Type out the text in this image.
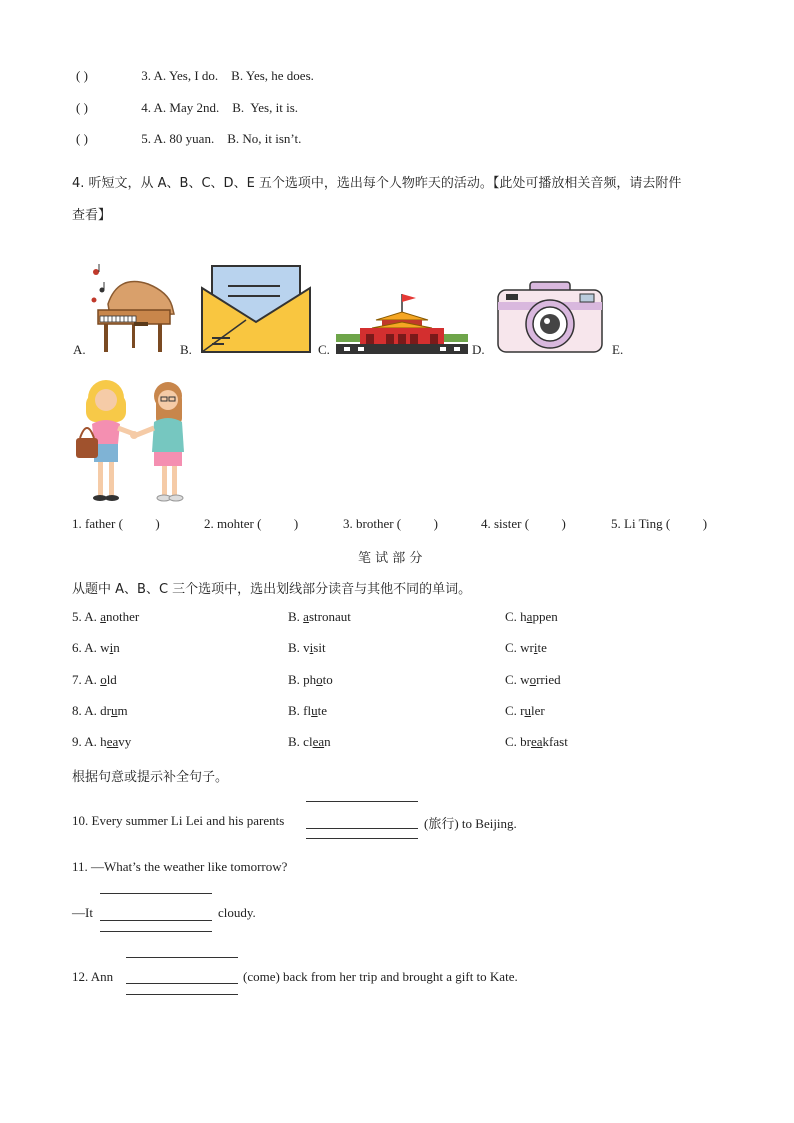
( )	3. A. Yes, I do.    B. Yes, he does.
( )	4. A. May 2nd.    B.  Yes, it is.
( )	5. A. 80 yuan.    B. No, it isn’t.
4. 听短文，从 A、B、C、D、E 五个选项中，选出每个人物昨天的活动。【此处可播放相关音频，请去附件
查看】
A.	B.	C.	D.	E.
1. father (          )	2. mohter (          )	3. brother (          )	4. sister (          )	5. Li Ting (          )
笔 试 部 分
从题中 A、B、C 三个选项中，选出划线部分读音与其他不同的单词。
5. A. another	B. astronaut	C. happen
6. A. win	B. visit	C. write
7. A. old	B. photo	C. worried
8. A. drum	B. flute	C. ruler
9. A. heavy	B. clean	C. breakfast
根据句意或提示补全句子。
10. Every summer Li Lei and his parents	(旅行) to Beijing.
11. —What’s the weather like tomorrow?
—It	cloudy.
12. Ann	(come) back from her trip and brought a gift to Kate.
